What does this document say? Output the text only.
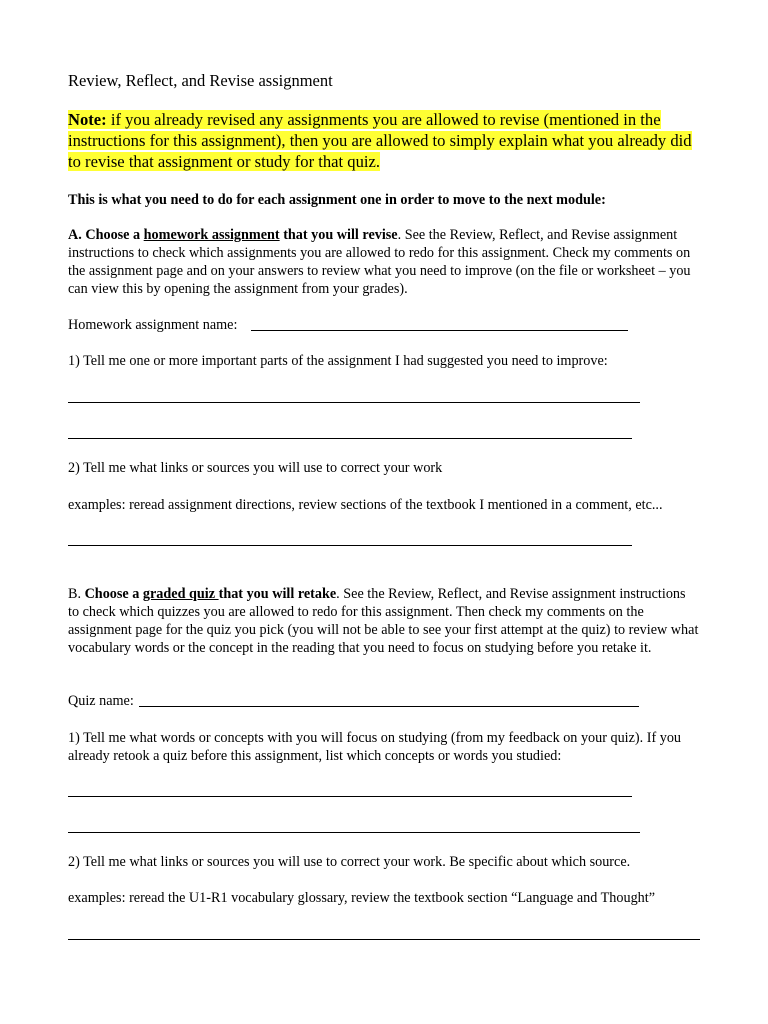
Review, Reflect, and Revise assignment
Note: if you already revised any assignments you are allowed to revise (mentioned in the instructions for this assignment), then you are allowed to simply explain what you already did to revise that assignment or study for that quiz.
This is what you need to do for each assignment one in order to move to the next module:
A. Choose a homework assignment that you will revise. See the Review, Reflect, and Revise assignment instructions to check which assignments you are allowed to redo for this assignment. Check my comments on the assignment page and on your answers to review what you need to improve (on the file or worksheet – you can view this by opening the assignment from your grades).
Homework assignment name:
1) Tell me one or more important parts of the assignment I had suggested you need to improve:
2) Tell me what links or sources you will use to correct your work
examples: reread assignment directions, review sections of the textbook I mentioned in a comment, etc...
B. Choose a graded quiz that you will retake. See the Review, Reflect, and Revise assignment instructions to check which quizzes you are allowed to redo for this assignment. Then check my comments on the assignment page for the quiz you pick (you will not be able to see your first attempt at the quiz) to review what vocabulary words or the concept in the reading that you need to focus on studying before you retake it.
Quiz name:
1) Tell me what words or concepts with you will focus on studying (from my feedback on your quiz). If you already retook a quiz before this assignment, list which concepts or words you studied:
2) Tell me what links or sources you will use to correct your work. Be specific about which source.
examples: reread the U1-R1 vocabulary glossary, review the textbook section “Language and Thought”
